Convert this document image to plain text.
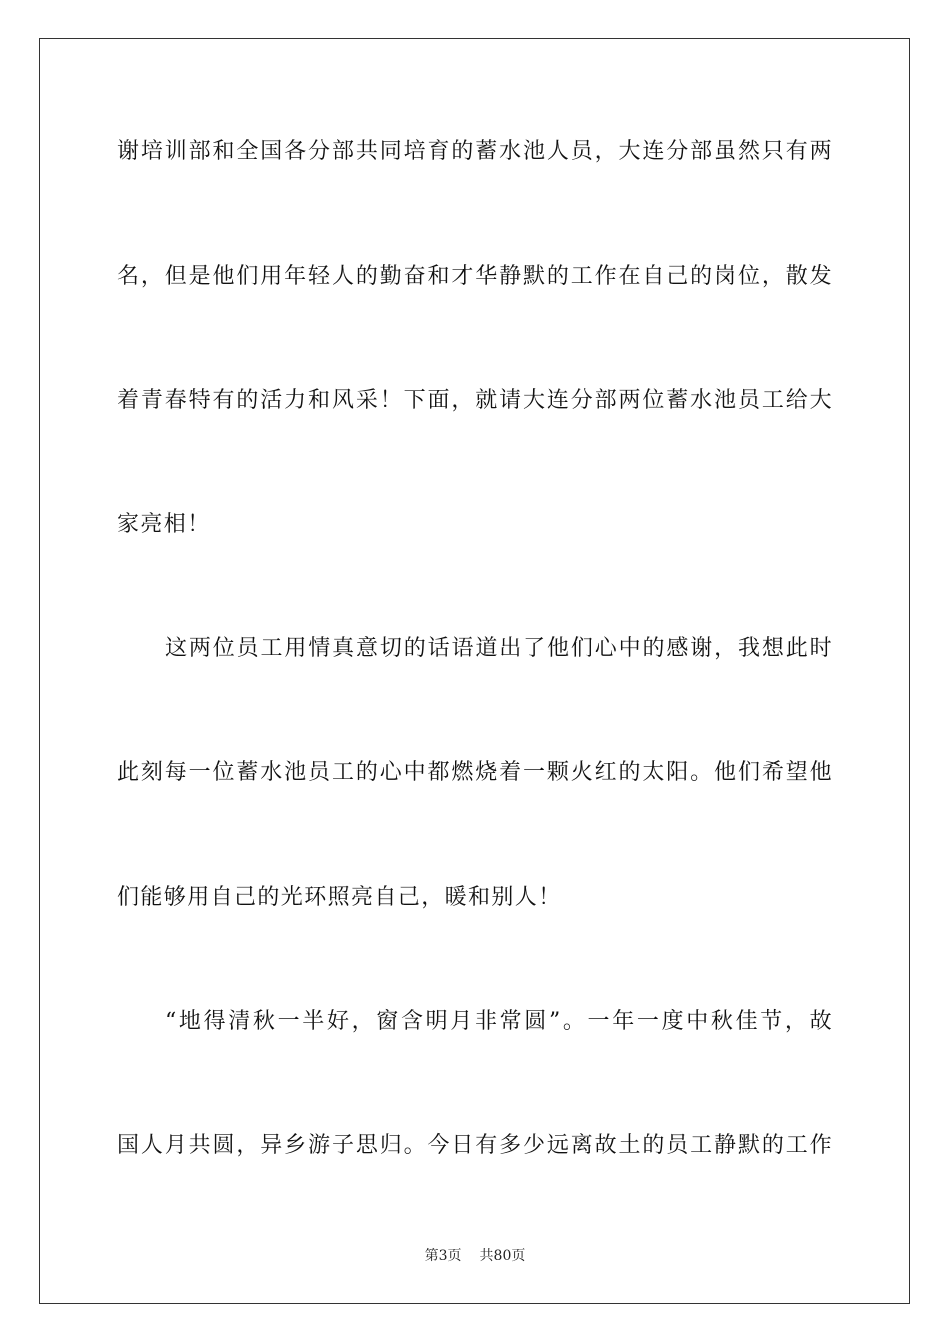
谢培训部和全国各分部共同培育的蓄水池人员，大连分部虽然只有两
名，但是他们用年轻人的勤奋和才华静默的工作在自己的岗位，散发
着青春特有的活力和风采！下面，就请大连分部两位蓄水池员工给大
家亮相！
这两位员工用情真意切的话语道出了他们心中的感谢，我想此时
此刻每一位蓄水池员工的心中都燃烧着一颗火红的太阳。他们希望他
们能够用自己的光环照亮自己，暖和别人！
“地得清秋一半好，窗含明月非常圆”。一年一度中秋佳节，故
国人月共圆，异乡游子思归。今日有多少远离故土的员工静默的工作
第3页 共80页
